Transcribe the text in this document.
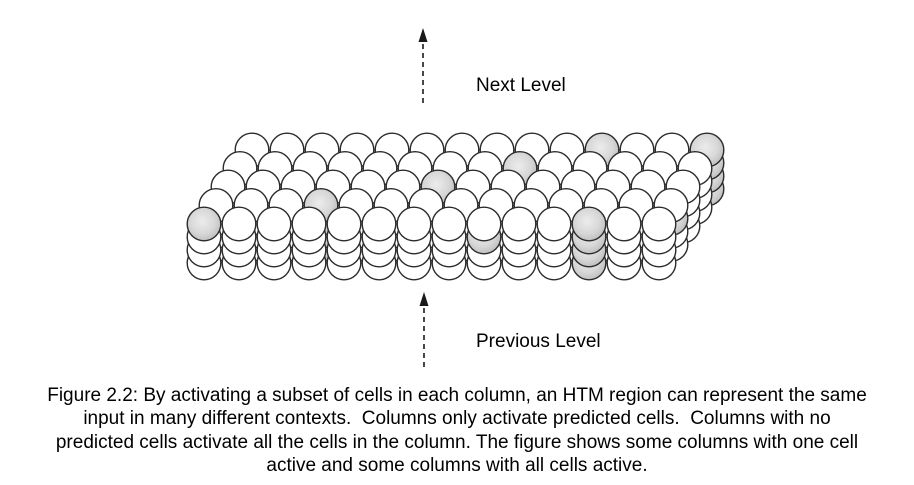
Next Level
Previous Level
Figure 2.2: By activating a subset of cells in each column, an HTM region can represent the same
input in many different contexts.  Columns only activate predicted cells.  Columns with no
predicted cells activate all the cells in the column. The figure shows some columns with one cell
active and some columns with all cells active.
